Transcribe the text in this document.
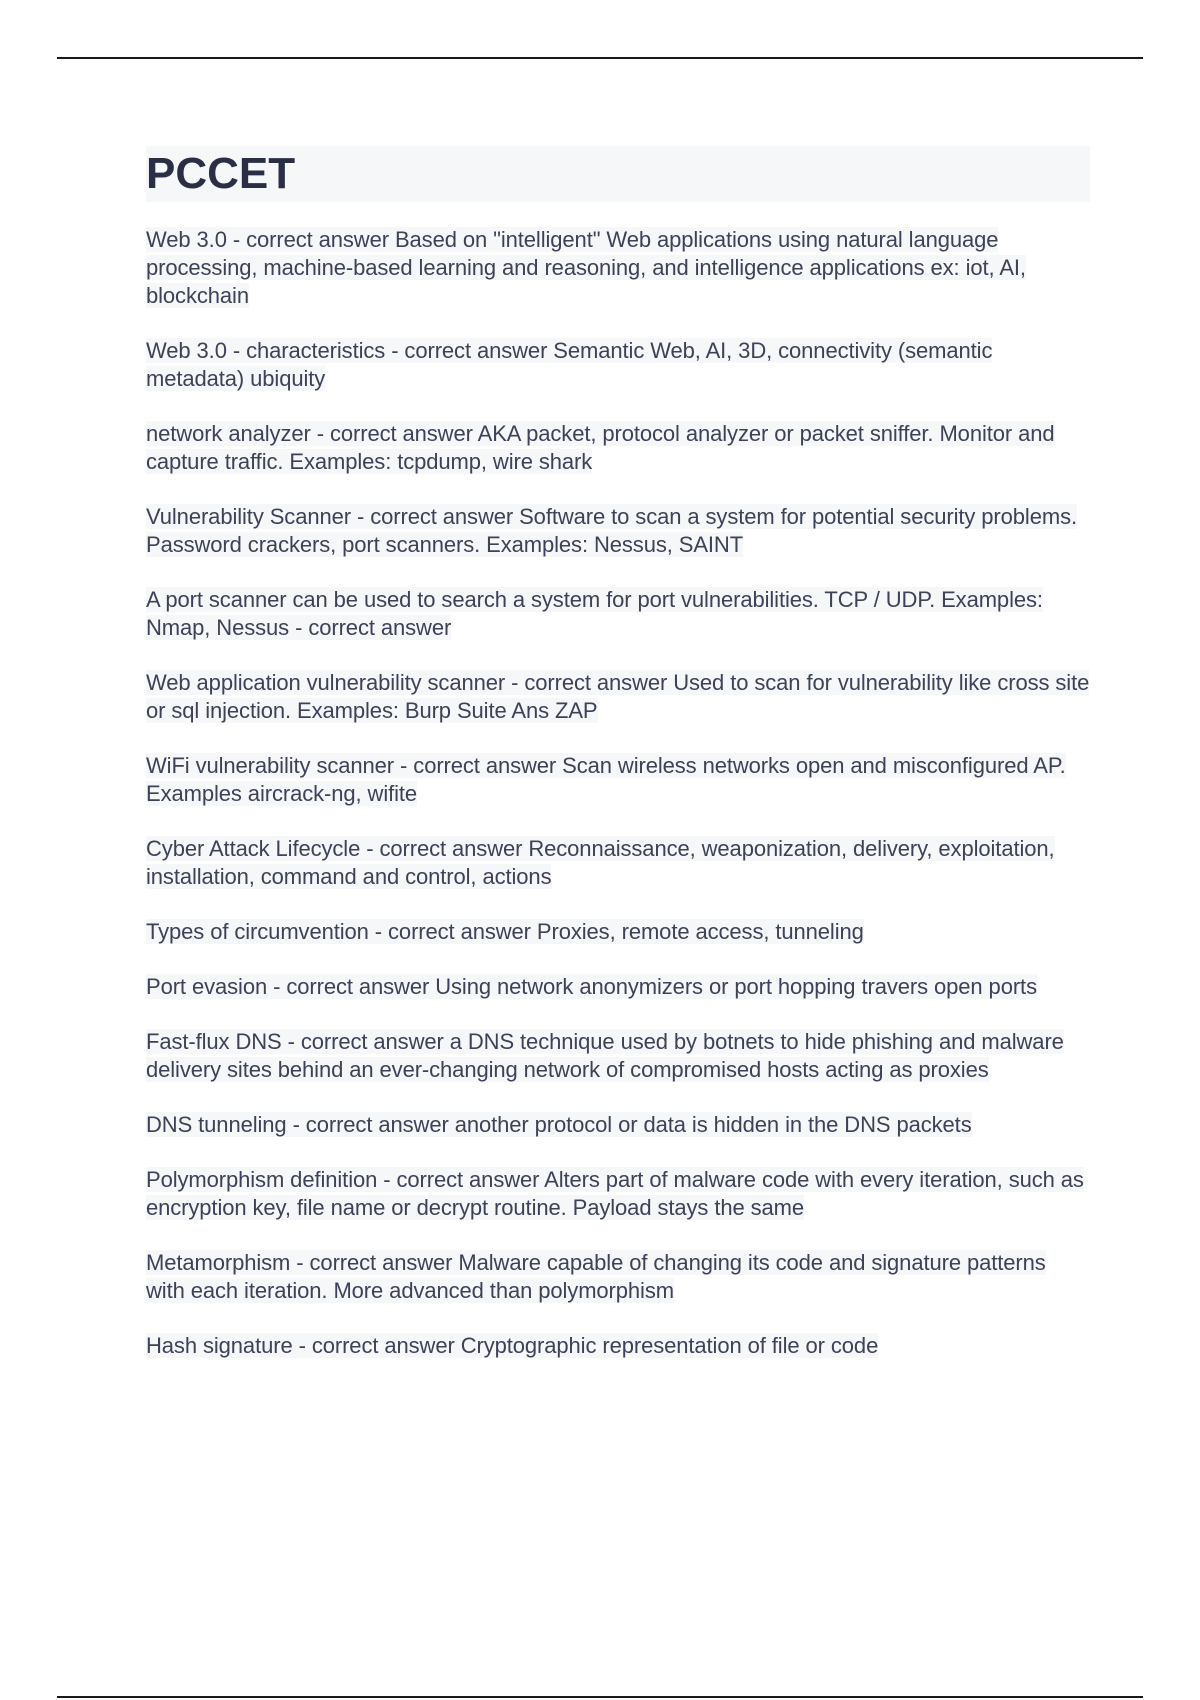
PCCET

Web 3.0 - correct answer Based on "intelligent" Web applications using natural language processing, machine-based learning and reasoning, and intelligence applications ex: iot, AI, blockchain

Web 3.0 - characteristics - correct answer Semantic Web, AI, 3D, connectivity (semantic metadata) ubiquity

network analyzer - correct answer AKA packet, protocol analyzer or packet sniffer. Monitor and capture traffic. Examples: tcpdump, wire shark

Vulnerability Scanner - correct answer Software to scan a system for potential security problems. Password crackers, port scanners. Examples: Nessus, SAINT

A port scanner can be used to search a system for port vulnerabilities. TCP / UDP. Examples: Nmap, Nessus - correct answer

Web application vulnerability scanner - correct answer Used to scan for vulnerability like cross site or sql injection. Examples: Burp Suite Ans ZAP

WiFi vulnerability scanner - correct answer Scan wireless networks open and misconfigured AP. Examples aircrack-ng, wifite

Cyber Attack Lifecycle - correct answer Reconnaissance, weaponization, delivery, exploitation, installation, command and control, actions

Types of circumvention - correct answer Proxies, remote access, tunneling

Port evasion - correct answer Using network anonymizers or port hopping travers open ports

Fast-flux DNS - correct answer a DNS technique used by botnets to hide phishing and malware delivery sites behind an ever-changing network of compromised hosts acting as proxies

DNS tunneling - correct answer another protocol or data is hidden in the DNS packets

Polymorphism definition - correct answer Alters part of malware code with every iteration, such as encryption key, file name or decrypt routine. Payload stays the same

Metamorphism - correct answer Malware capable of changing its code and signature patterns with each iteration. More advanced than polymorphism

Hash signature - correct answer Cryptographic representation of file or code
